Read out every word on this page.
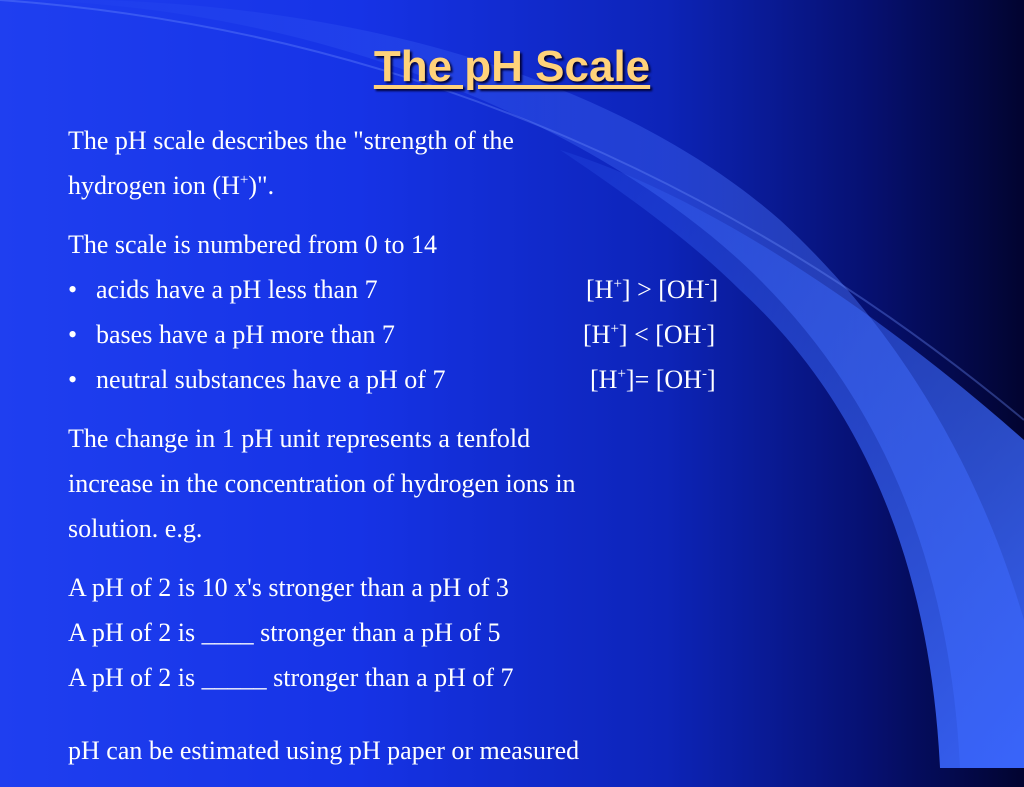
The pH Scale
The pH scale describes the "strength of the
hydrogen ion (H+)".
The scale is numbered from 0 to 14
• acids have a pH less than 7	[H+] > [OH-]
• bases have a pH more than 7	[H+] < [OH-]
• neutral substances have a pH of 7	[H+]= [OH-]
The change in 1 pH unit represents a tenfold
increase in the concentration of hydrogen ions in
solution. e.g.
A pH of 2 is 10 x's stronger than a pH of 3
A pH of 2 is ____ stronger than a pH of 5
A pH of 2 is _____ stronger than a pH of 7
pH can be estimated using pH paper or measured
